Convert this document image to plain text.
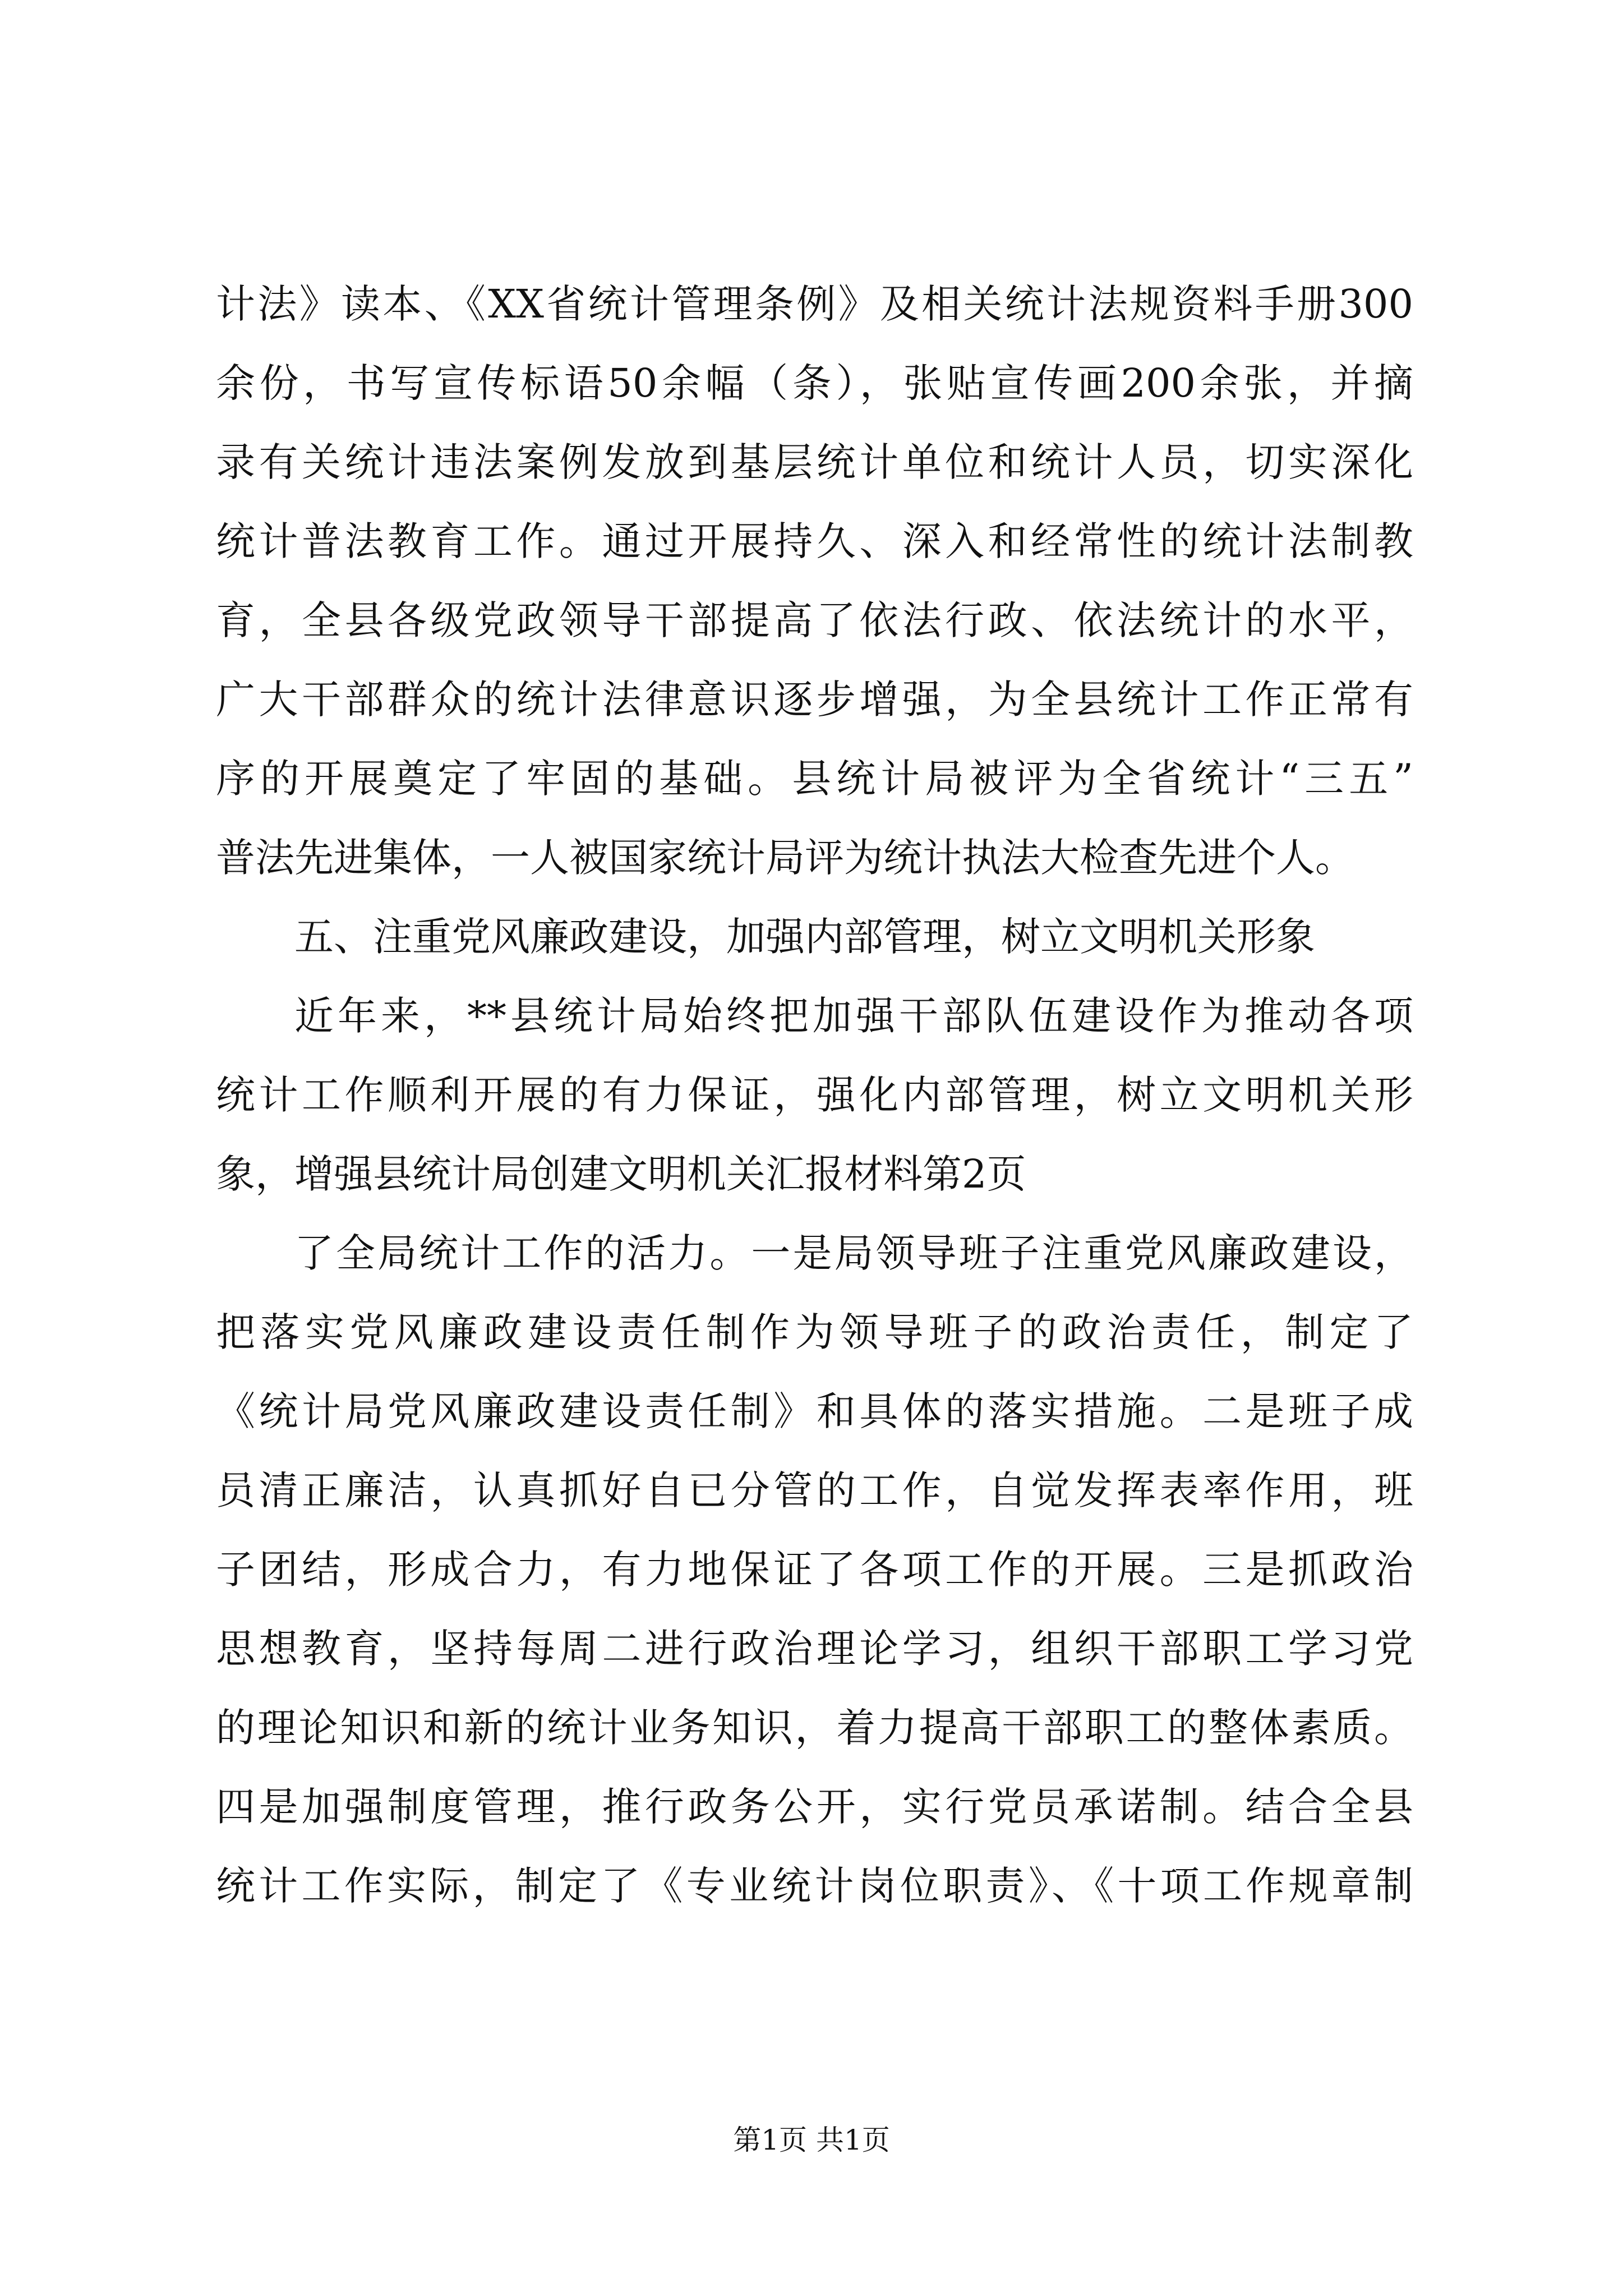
计法》读本、《XX省统计管理条例》及相关统计法规资料手册300
余份，书写宣传标语50余幅（条），张贴宣传画200余张，并摘
录有关统计违法案例发放到基层统计单位和统计人员，切实深化
统计普法教育工作。通过开展持久、深入和经常性的统计法制教
育，全县各级党政领导干部提高了依法行政、依法统计的水平，
广大干部群众的统计法律意识逐步增强，为全县统计工作正常有
序的开展奠定了牢固的基础。县统计局被评为全省统计“三五”
普法先进集体，一人被国家统计局评为统计执法大检查先进个人。
五、注重党风廉政建设，加强内部管理，树立文明机关形象
近年来，**县统计局始终把加强干部队伍建设作为推动各项
统计工作顺利开展的有力保证，强化内部管理，树立文明机关形
象，增强县统计局创建文明机关汇报材料第2页
了全局统计工作的活力。一是局领导班子注重党风廉政建设，
把落实党风廉政建设责任制作为领导班子的政治责任，制定了
《统计局党风廉政建设责任制》和具体的落实措施。二是班子成
员清正廉洁，认真抓好自已分管的工作，自觉发挥表率作用，班
子团结，形成合力，有力地保证了各项工作的开展。三是抓政治
思想教育，坚持每周二进行政治理论学习，组织干部职工学习党
的理论知识和新的统计业务知识，着力提高干部职工的整体素质。
四是加强制度管理，推行政务公开，实行党员承诺制。结合全县
统计工作实际，制定了《专业统计岗位职责》、《十项工作规章制
第1页 共1页
